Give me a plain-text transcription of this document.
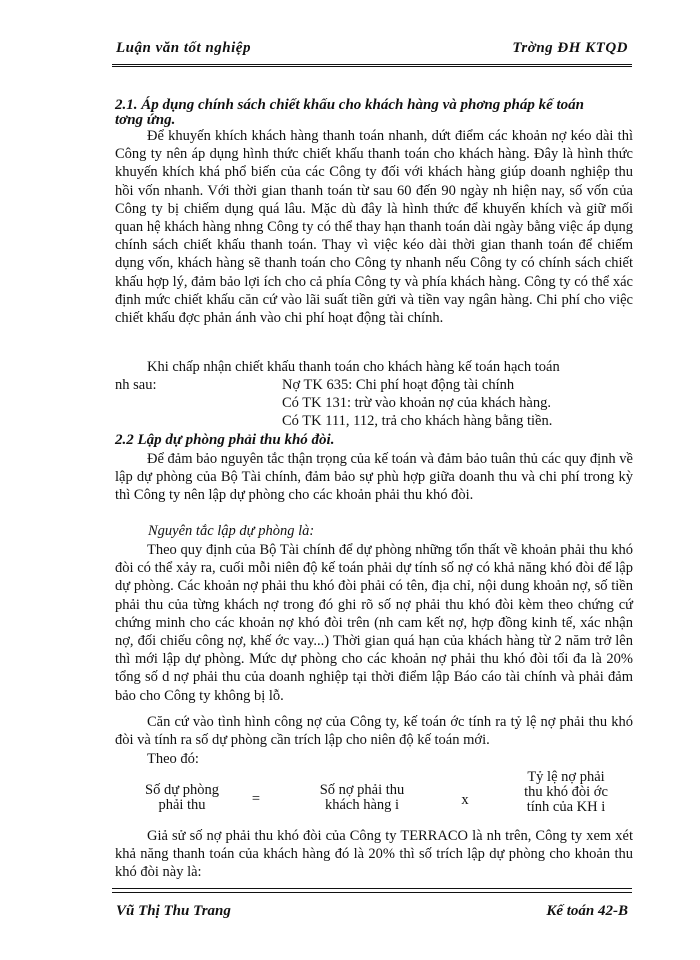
Luận văn tốt nghiệp	Trờng ĐH KTQD
2.1. Áp dụng chính sách chiết khấu cho khách hàng và phơng pháp kế toán tơng ứng.
Để khuyến khích khách hàng thanh toán nhanh, dứt điểm các khoản nợ kéo dài thì Công ty nên áp dụng hình thức chiết khấu thanh toán cho khách hàng. Đây là hình thức khuyến khích khá phổ biến của các Công ty đối với khách hàng giúp doanh nghiệp thu hồi vốn nhanh. Với thời gian thanh toán từ sau 60 đến 90 ngày nh hiện nay, số vốn của Công ty bị chiếm dụng quá lâu. Mặc dù đây là hình thức để khuyến khích và giữ mối quan hệ khách hàng nhng Công ty có thể thay hạn thanh toán dài ngày bằng việc áp dụng chính sách chiết khấu thanh toán. Thay vì việc kéo dài thời gian thanh toán để chiếm dụng vốn, khách hàng sẽ thanh toán cho Công ty nhanh nếu Công ty có chính sách chiết khấu hợp lý, đảm bảo lợi ích cho cả phía Công ty và phía khách hàng. Công ty có thể xác định mức chiết khấu căn cứ vào lãi suất tiền gửi và tiền vay ngân hàng. Chi phí cho việc chiết khấu đợc phản ánh vào chi phí hoạt động tài chính.
Khi chấp nhận chiết khấu thanh toán cho khách hàng kế toán hạch toán
nh sau:	Nợ TK 635: Chi phí hoạt động tài chính
Có TK 131: trừ vào khoản nợ của khách hàng.
Có TK 111, 112, trả cho khách hàng bằng tiền.
2.2 Lập dự phòng phải thu khó đòi.
Để đảm bảo nguyên tắc thận trọng của kế toán và đảm bảo tuân thủ các quy định về lập dự phòng của Bộ Tài chính, đảm bảo sự phù hợp giữa doanh thu và chi phí trong kỳ thì Công ty nên lập dự phòng cho các khoản phải thu khó đòi.
Nguyên tắc lập dự phòng là:
Theo quy định của Bộ Tài chính để dự phòng những tổn thất về khoản phải thu khó đòi có thể xảy ra, cuối mỗi niên độ kế toán phải dự tính số nợ có khả năng khó đòi để lập dự phòng. Các khoản nợ phải thu khó đòi phải có tên, địa chỉ, nội dung khoản nợ, số tiền phải thu của từng khách nợ trong đó ghi rõ số nợ phải thu khó đòi kèm theo chứng cứ chứng minh cho các khoản nợ khó đòi trên (nh cam kết nợ, hợp đồng kinh tế, xác nhận nợ, đối chiếu công nợ, khế ớc vay...) Thời gian quá hạn của khách hàng từ 2 năm trở lên thì mới lập dự phòng. Mức dự phòng cho các khoản nợ phải thu khó đòi tối đa là 20% tổng số d nợ phải thu của doanh nghiệp tại thời điểm lập Báo cáo tài chính và phải đảm bảo cho Công ty không bị lỗ.
Căn cứ vào tình hình công nợ của Công ty, kế toán ớc tính ra tỷ lệ nợ phải thu khó đòi và tính ra số dự phòng cần trích lập cho niên độ kế toán mới.
Theo đó:
Số dự phòng
phải thu	=
Số nợ phải thu
khách hàng i	x
Tỷ lệ nợ phải
thu khó đòi ớc
tính của KH i
Giả sử số nợ phải thu khó đòi của Công ty TERRACO là nh trên, Công ty xem xét khả năng thanh toán của khách hàng đó là 20% thì số trích lập dự phòng cho khoản thu khó đòi này là:
Vũ Thị Thu Trang	Kế toán 42-B
